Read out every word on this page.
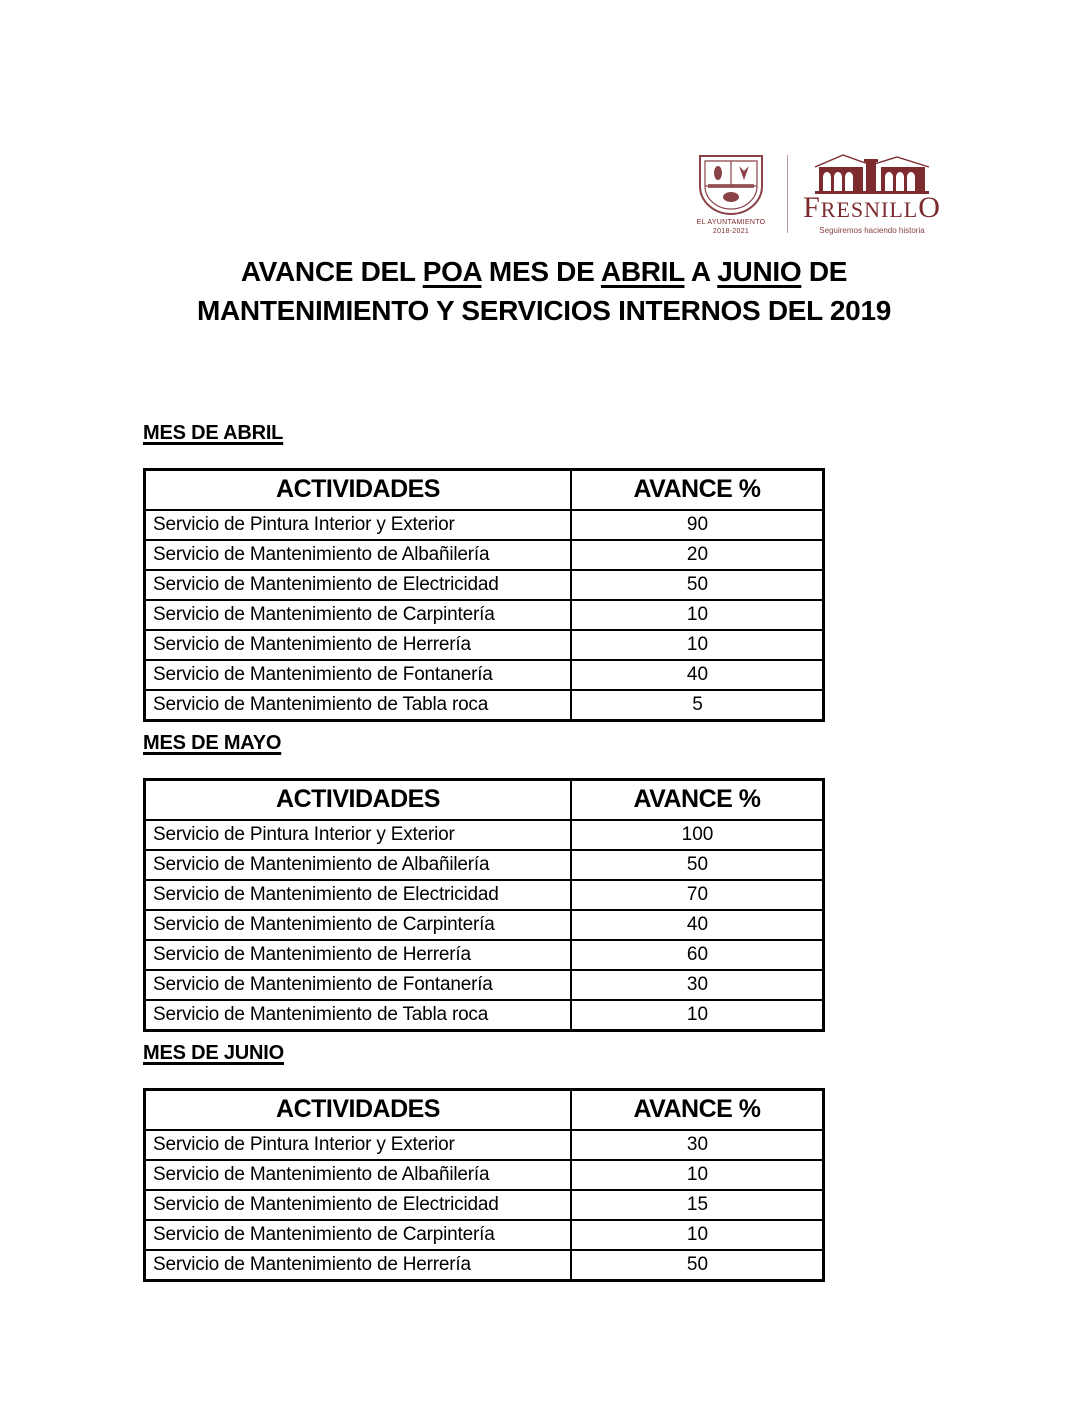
EL AYUNTAMIENTO
2018-2021
FRESNILLO
Seguiremos haciendo historia
AVANCE DEL POA MES DE ABRIL A JUNIO DE
MANTENIMIENTO Y SERVICIOS INTERNOS DEL 2019
MES DE ABRIL
ACTIVIDADES	AVANCE %
Servicio de Pintura Interior y Exterior	90
Servicio de Mantenimiento de Albañilería	20
Servicio de Mantenimiento de Electricidad	50
Servicio de Mantenimiento de Carpintería	10
Servicio de Mantenimiento de Herrería	10
Servicio de Mantenimiento de Fontanería	40
Servicio de Mantenimiento de Tabla roca	5
MES DE MAYO
ACTIVIDADES	AVANCE %
Servicio de Pintura Interior y Exterior	100
Servicio de Mantenimiento de Albañilería	50
Servicio de Mantenimiento de Electricidad	70
Servicio de Mantenimiento de Carpintería	40
Servicio de Mantenimiento de Herrería	60
Servicio de Mantenimiento de Fontanería	30
Servicio de Mantenimiento de Tabla roca	10
MES DE JUNIO
ACTIVIDADES	AVANCE %
Servicio de Pintura Interior y Exterior	30
Servicio de Mantenimiento de Albañilería	10
Servicio de Mantenimiento de Electricidad	15
Servicio de Mantenimiento de Carpintería	10
Servicio de Mantenimiento de Herrería	50
